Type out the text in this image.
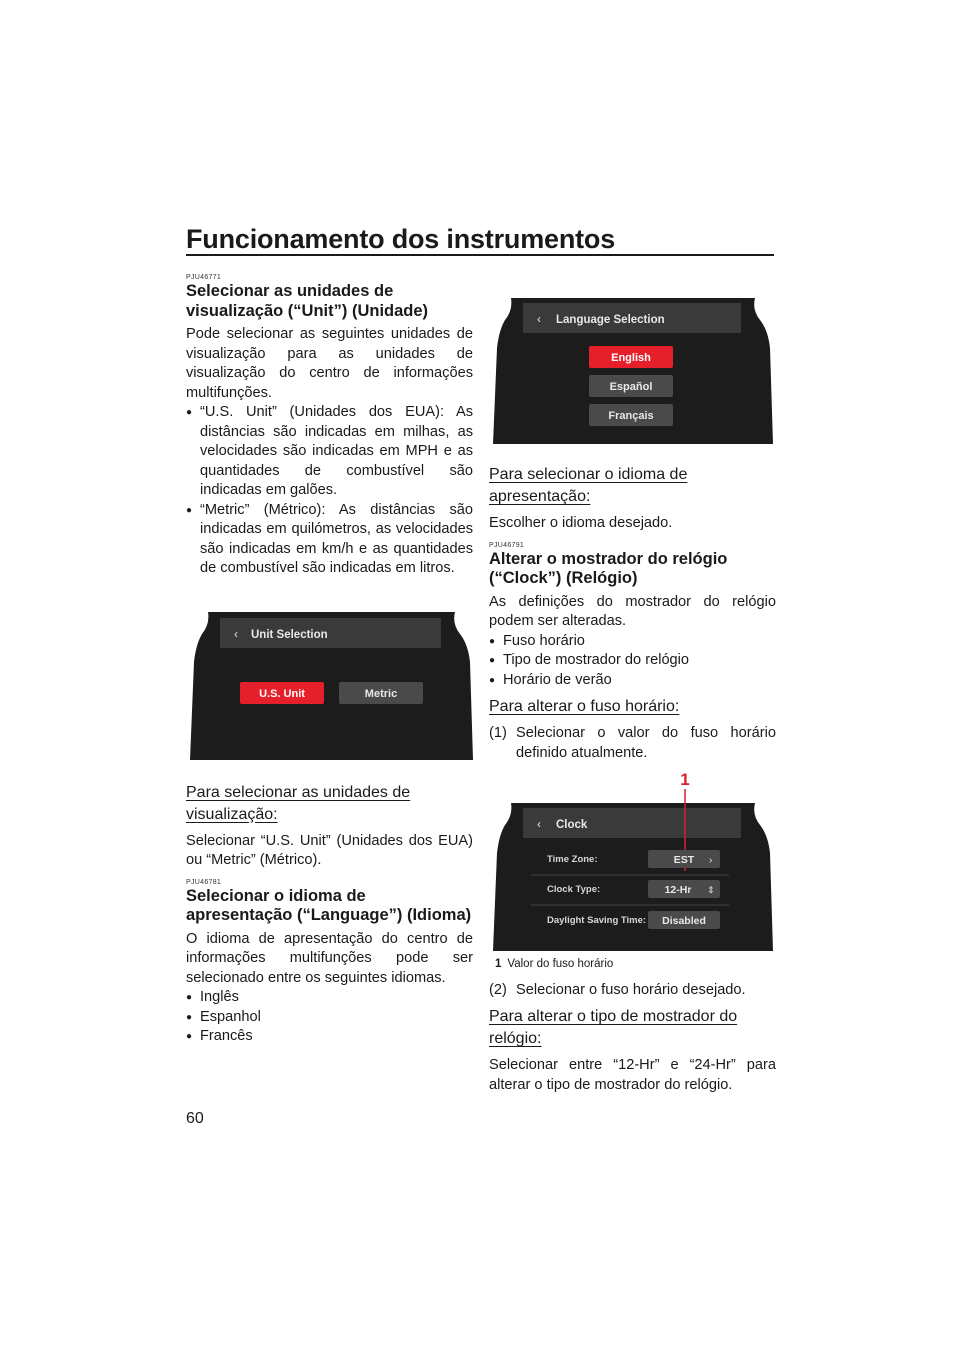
Funcionamento dos instrumentos
PJU46771
Selecionar as unidades de visualização (“Unit”) (Unidade)

Pode selecionar as seguintes unidades de visualização para as unidades de visualização do centro de informações multifunções.

● “U.S. Unit” (Unidades dos EUA): As distâncias são indicadas em milhas, as velocidades são indicadas em MPH e as quantidades de combustível são indicadas em galões.
● “Metric” (Métrico): As distâncias são indicadas em quilómetros, as velocidades são indicadas em km/h e as quantidades de combustível são indicadas em litros.
‹ Unit Selection
U.S. Unit	Metric
Para selecionar as unidades de visualização:

Selecionar “U.S. Unit” (Unidades dos EUA) ou “Metric” (Métrico).

PJU46781
Selecionar o idioma de apresentação (“Language”) (Idioma)

O idioma de apresentação do centro de informações multifunções pode ser selecionado entre os seguintes idiomas.

● Inglês
● Espanhol
● Francês
‹ Language Selection
English
Español
Français
Para selecionar o idioma de apresentação:

Escolher o idioma desejado.

PJU46791
Alterar o mostrador do relógio (“Clock”) (Relógio)

As definições do mostrador do relógio podem ser alteradas.

● Fuso horário
● Tipo de mostrador do relógio
● Horário de verão
Para alterar o fuso horário:
(1) Selecionar o valor do fuso horário definido atualmente.
1
‹ Clock
Time Zone:	EST ›
Clock Type:	12-Hr ⇕
Daylight Saving Time: Disabled
1 Valor do fuso horário
(2) Selecionar o fuso horário desejado.
Para alterar o tipo de mostrador do relógio:

Selecionar entre “12-Hr” e “24-Hr” para alterar o tipo de mostrador do relógio.

60
